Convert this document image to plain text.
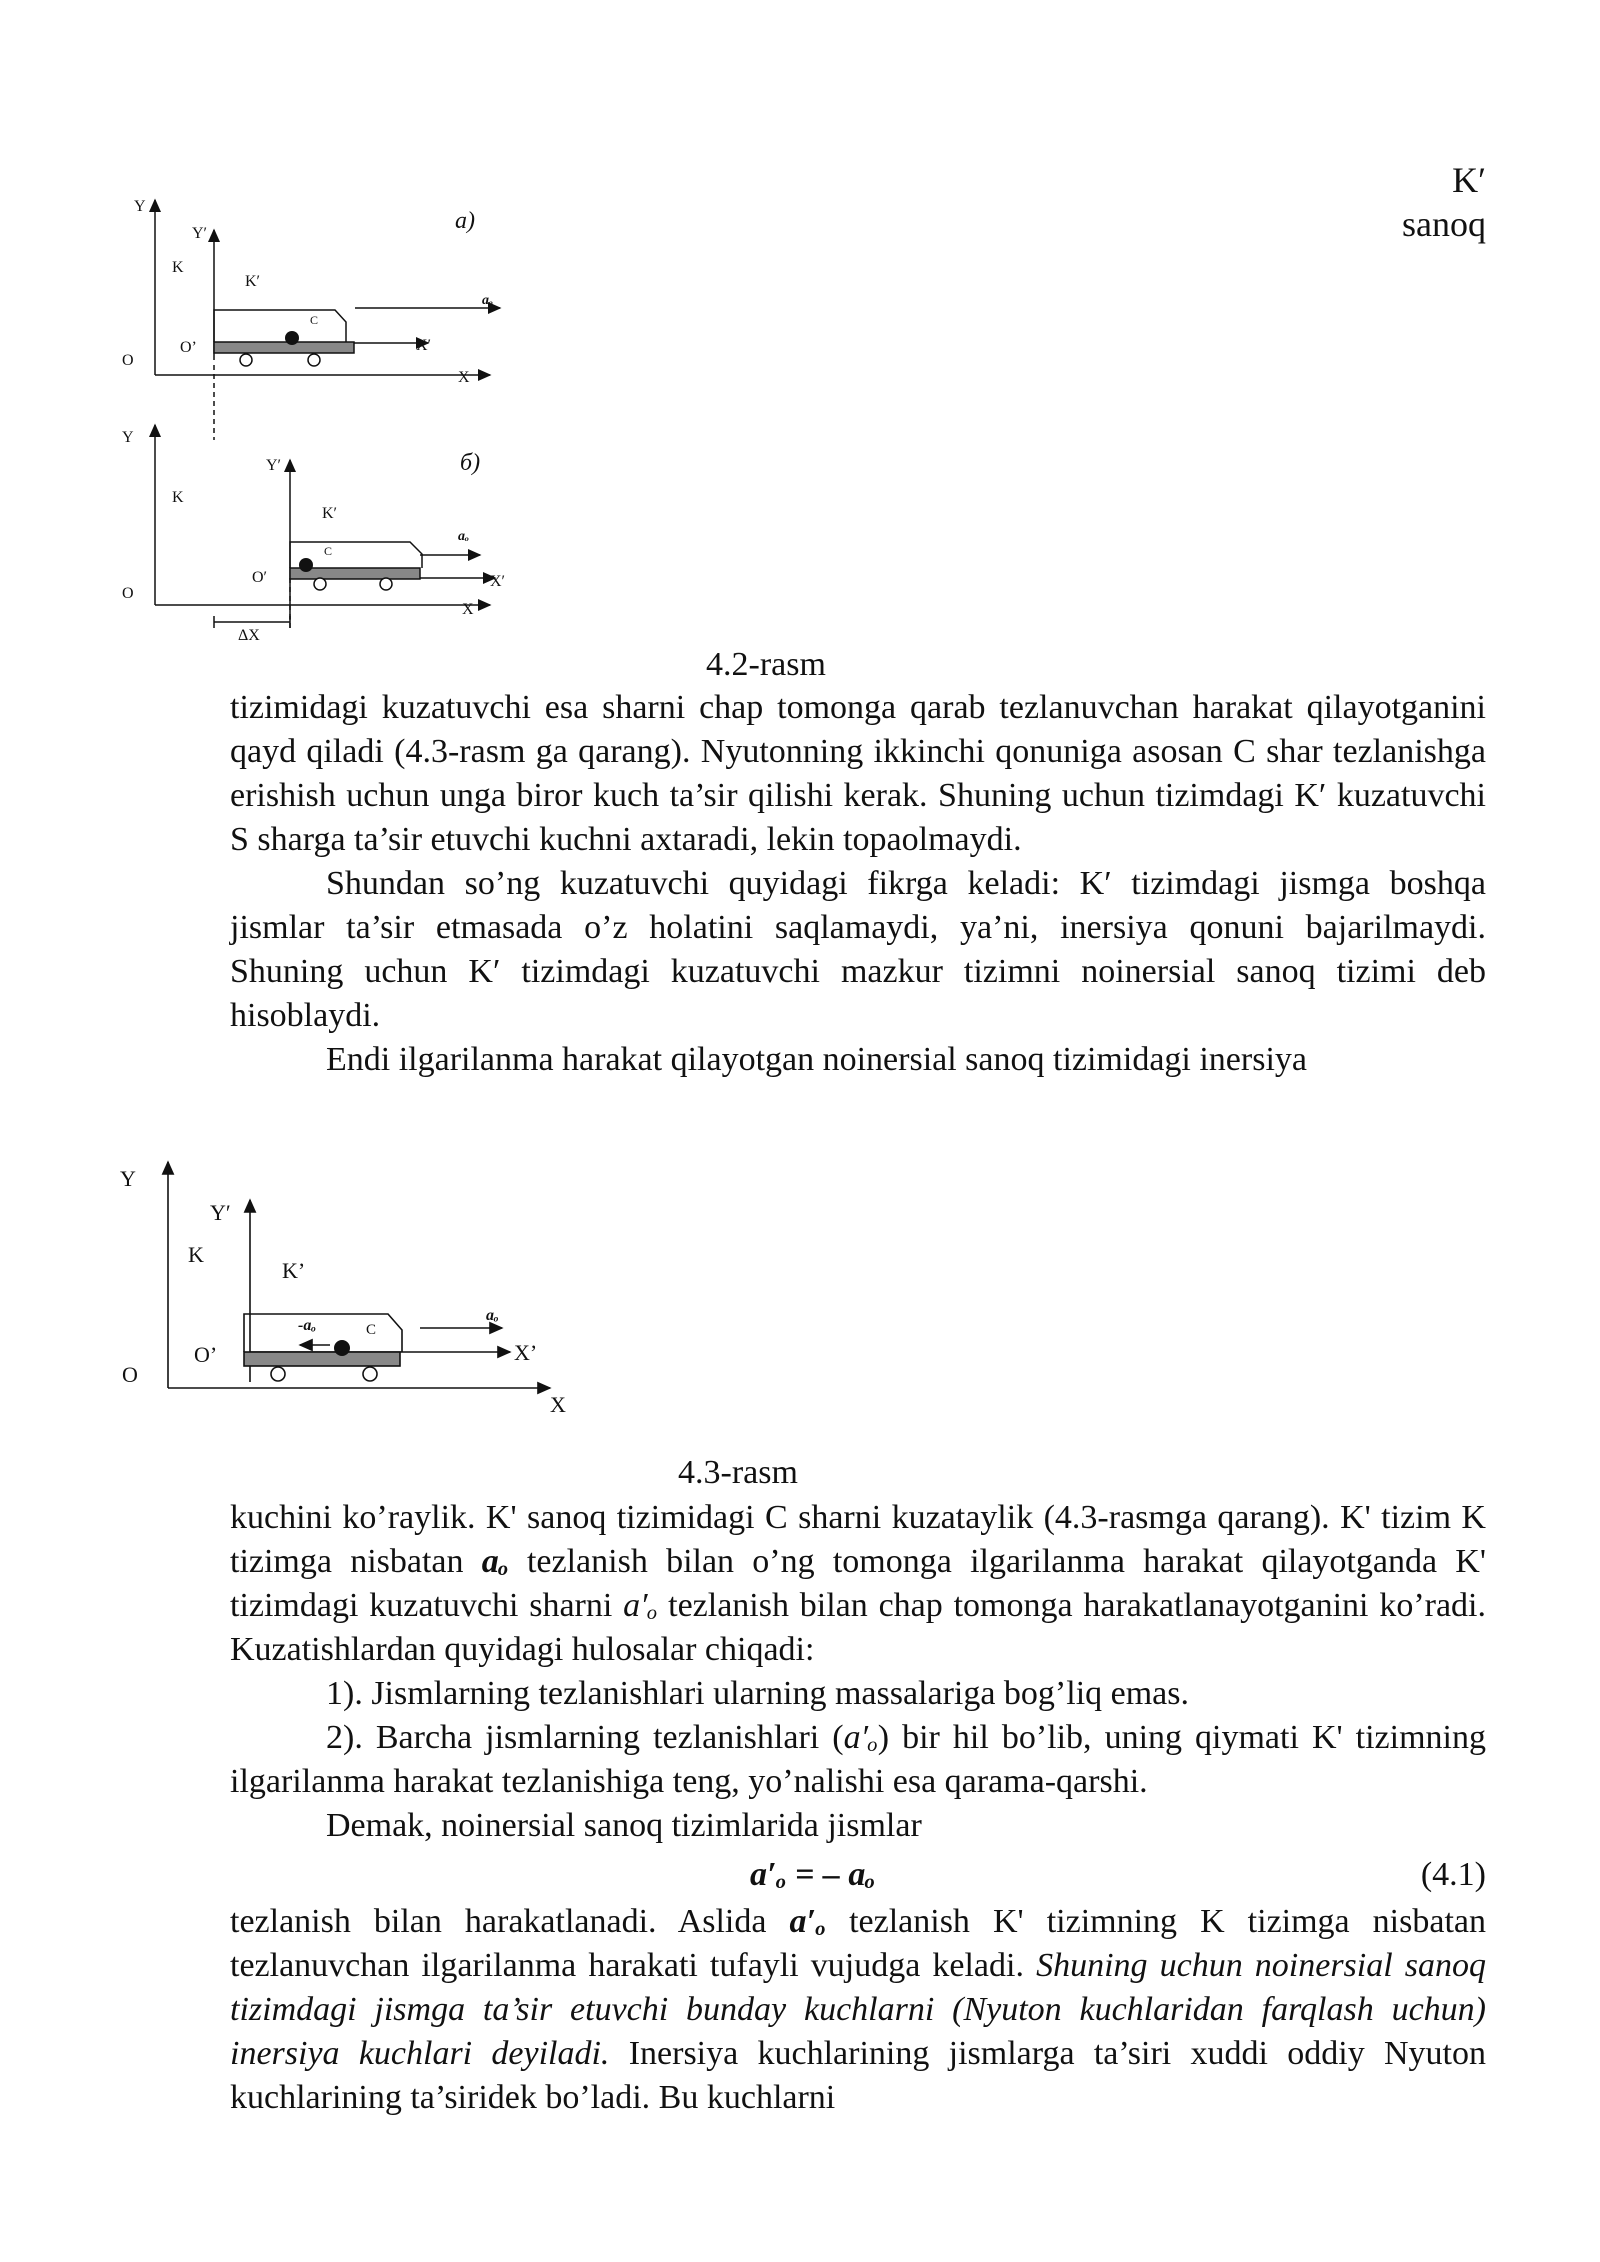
K′
sanoq
Y
Y′
K
K′
O
O’
C
X′
X
aₒ
a)
Y
Y′
K
K′
O
O′
C
X′
X
aₒ
ΔX
б)
4.2-rasm

tizimidagi kuzatuvchi esa sharni chap tomonga qarab tezlanuvchan harakat qilayotganini qayd qiladi (4.3-rasm ga qarang). Nyutonning ikkinchi qonuniga asosan C shar tezlanishga erishish uchun unga biror kuch ta’sir qilishi kerak. Shuning uchun tizimdagi K′ kuzatuvchi S sharga ta’sir etuvchi kuchni axtaradi, lekin topaolmaydi.

Shundan so’ng kuzatuvchi quyidagi fikrga keladi: K′ tizimdagi jismga boshqa jismlar ta’sir etmasada o’z holatini saqlamaydi, ya’ni, inersiya qonuni bajarilmaydi. Shuning uchun K′ tizimdagi kuzatuvchi mazkur tizimni noinersial sanoq tizimi deb hisoblaydi.

Endi ilgarilanma harakat qilayotgan noinersial sanoq tizimidagi inersiya

Y
Y′
K
K’
O
O’
C
-aₒ
aₒ
X’
X
4.3-rasm

kuchini ko’raylik. K' sanoq tizimidagi C sharni kuzataylik (4.3-rasmga qarang). K' tizim K tizimga nisbatan aₒ tezlanish bilan o’ng tomonga ilgarilanma harakat qilayotganda K' tizimdagi kuzatuvchi sharni a′ₒ tezlanish bilan chap tomonga harakatlanayotganini ko’radi. Kuzatishlardan quyidagi hulosalar chiqadi:

1). Jismlarning tezlanishlari ularning massalariga bog’liq emas.

2). Barcha jismlarning tezlanishlari (a′ₒ) bir hil bo’lib, uning qiymati K' tizimning ilgarilanma harakat tezlanishiga teng, yo’nalishi esa qarama-qarshi.

Demak, noinersial sanoq tizimlarida jismlar

a′ₒ = – aₒ	(4.1)

tezlanish bilan harakatlanadi. Aslida a′ₒ tezlanish K' tizimning K tizimga nisbatan tezlanuvchan ilgarilanma harakati tufayli vujudga keladi. Shuning uchun noinersial sanoq tizimdagi jismga ta’sir etuvchi bunday kuchlarni (Nyuton kuchlaridan farqlash uchun) inersiya kuchlari deyiladi. Inersiya kuchlarining jismlarga ta’siri xuddi oddiy Nyuton kuchlarining ta’siridek bo’ladi. Bu kuchlarni
